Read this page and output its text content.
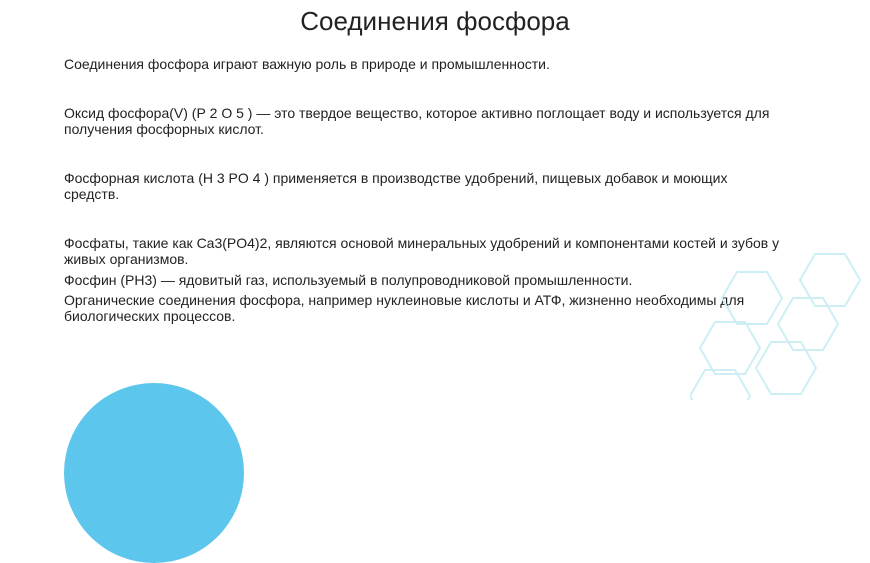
Соединения фосфора

Соединения фосфора играют важную роль в природе и промышленности.

Оксид фосфора(V) (Р 2 O 5 ) — это твердое вещество, которое активно поглощает воду и используется для получения фосфорных кислот.

Фосфорная кислота (H 3 PO 4 ) применяется в производстве удобрений, пищевых добавок и моющих средств.

Фосфаты, такие как Ca3(PO4)2, являются основой минеральных удобрений и компонентами костей и зубов у живых организмов.

Фосфин (PH3) — ядовитый газ, используемый в полупроводниковой промышленности.

Органические соединения фосфора, например нуклеиновые кислоты и АТФ, жизненно необходимы для биологических процессов.
